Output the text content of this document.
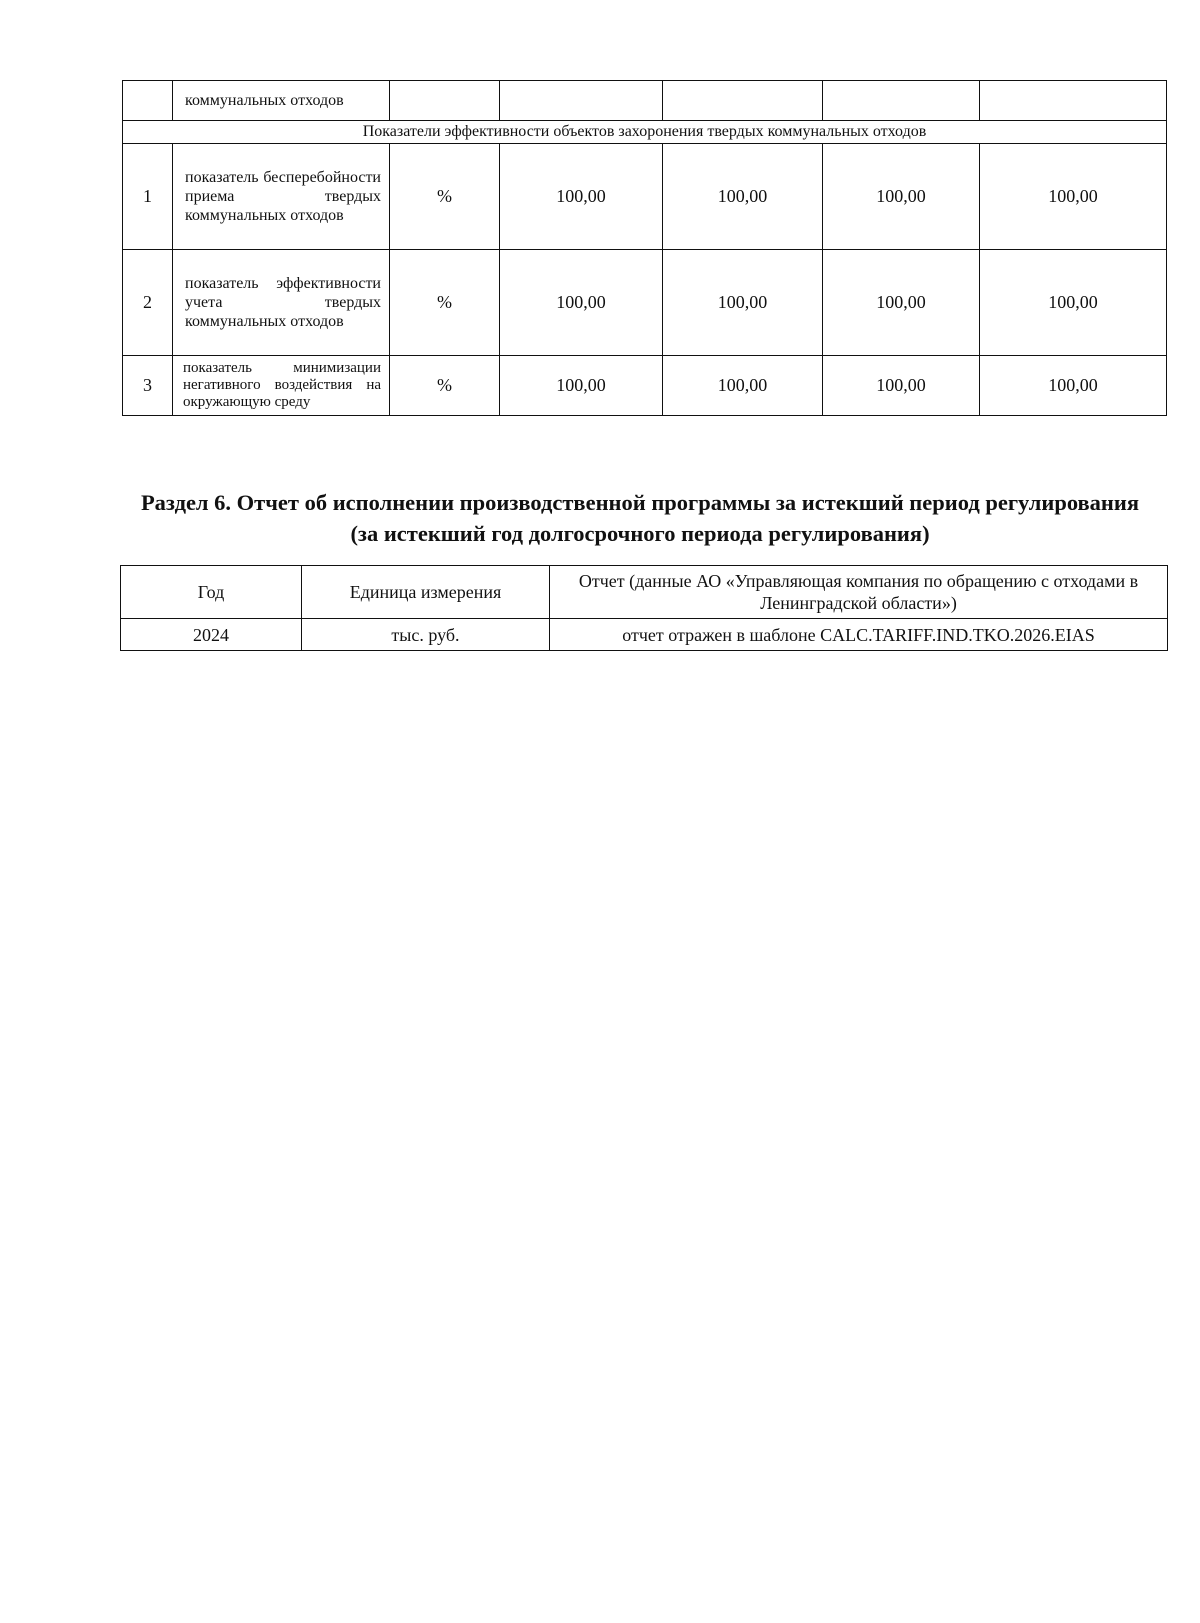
	коммунальных отходов					
Показатели эффективности объектов захоронения твердых коммунальных отходов						
1	показатель бесперебойности приема твердых коммунальных отходов	%	100,00	100,00	100,00	100,00
2	показатель эффективности учета твердых коммунальных отходов	%	100,00	100,00	100,00	100,00
3	показатель минимизации негативного воздействия на окружающую среду	%	100,00	100,00	100,00	100,00
Раздел 6. Отчет об исполнении производственной программы за истекший период регулирования (за истекший год долгосрочного периода регулирования)
Год	Единица измерения	Отчет (данные АО «Управляющая компания по обращению с отходами в Ленинградской области»)
2024	тыс. руб.	отчет отражен в шаблоне CALC.TARIFF.IND.TKO.2026.EIAS
